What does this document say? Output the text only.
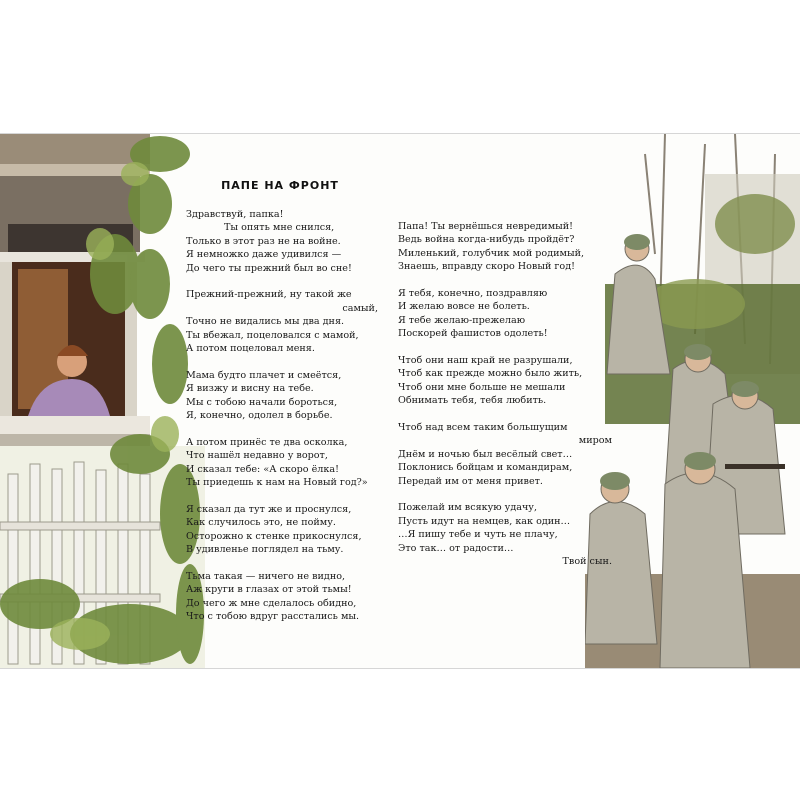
ПАПЕ НА ФРОНТ
Здравствуй, папка!
Ты опять мне снился,
Только в этот раз не на войне.
Я немножко даже удивился —
До чего ты прежний был во сне!
Прежний-прежний, ну такой же
самый,
Точно не видались мы два дня.
Ты вбежал, поцеловался с мамой,
А потом поцеловал меня.
Мама будто плачет и смеётся,
Я визжу и висну на тебе.
Мы с тобою начали бороться,
Я, конечно, одолел в борьбе.
А потом принёс те два осколка,
Что нашёл недавно у ворот,
И сказал тебе: «А скоро ёлка!
Ты приедешь к нам на Новый год?»
Я сказал да тут же и проснулся,
Как случилось это, не пойму.
Осторожно к стенке прикоснулся,
В удивленье поглядел на тьму.
Тьма такая — ничего не видно,
Аж круги в глазах от этой тьмы!
До чего ж мне сделалось обидно,
Что с тобою вдруг расстались мы.
Папа! Ты вернёшься невредимый!
Ведь война когда-нибудь пройдёт?
Миленький, голубчик мой родимый,
Знаешь, вправду скоро Новый год!
Я тебя, конечно, поздравляю
И желаю вовсе не болеть.
Я тебе желаю-прежелаю
Поскорей фашистов одолеть!
Чтоб они наш край не разрушали,
Чтоб как прежде можно было жить,
Чтоб они мне больше не мешали
Обнимать тебя, тебя любить.
Чтоб над всем таким большущим
миром
Днём и ночью был весёлый свет…
Поклонись бойцам и командирам,
Передай им от меня привет.
Пожелай им всякую удачу,
Пусть идут на немцев, как один…
…Я пишу тебе и чуть не плачу,
Это так… от радости…
Твой сын.
